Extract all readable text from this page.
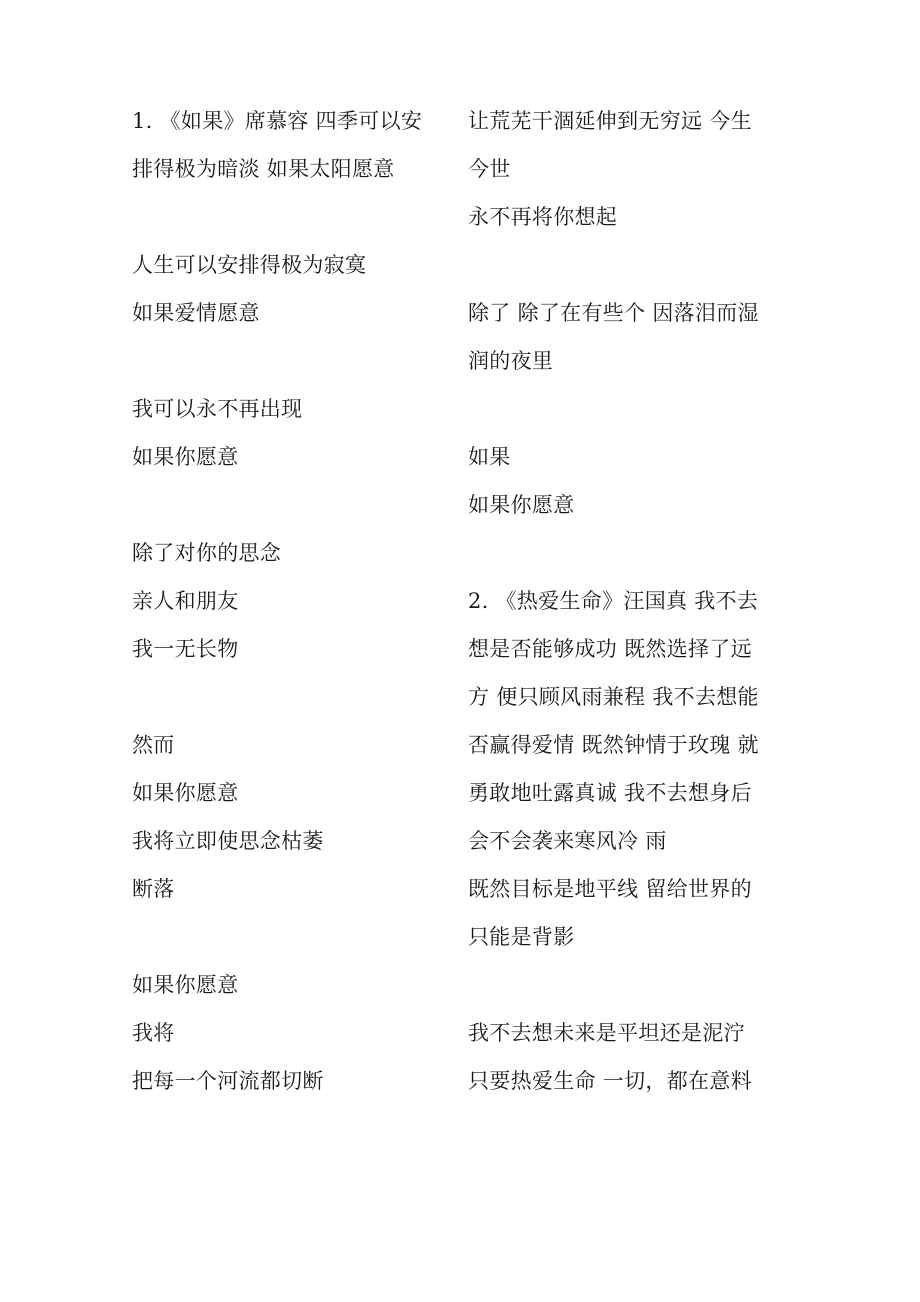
1. 《如果》席慕容 四季可以安
排得极为暗淡 如果太阳愿意
人生可以安排得极为寂寞
如果爱情愿意
我可以永不再出现
如果你愿意
除了对你的思念
亲人和朋友
我一无长物
然而
如果你愿意
我将立即使思念枯萎
断落
如果你愿意
我将
把每一个河流都切断
让荒芜干涸延伸到无穷远 今生
今世
永不再将你想起
除了 除了在有些个 因落泪而湿
润的夜里
如果
如果你愿意
2. 《热爱生命》汪国真 我不去
想是否能够成功 既然选择了远
方 便只顾风雨兼程 我不去想能
否赢得爱情 既然钟情于玫瑰 就
勇敢地吐露真诚 我不去想身后
会不会袭来寒风冷 雨
既然目标是地平线 留给世界的
只能是背影
我不去想未来是平坦还是泥泞
只要热爱生命 一切，都在意料
